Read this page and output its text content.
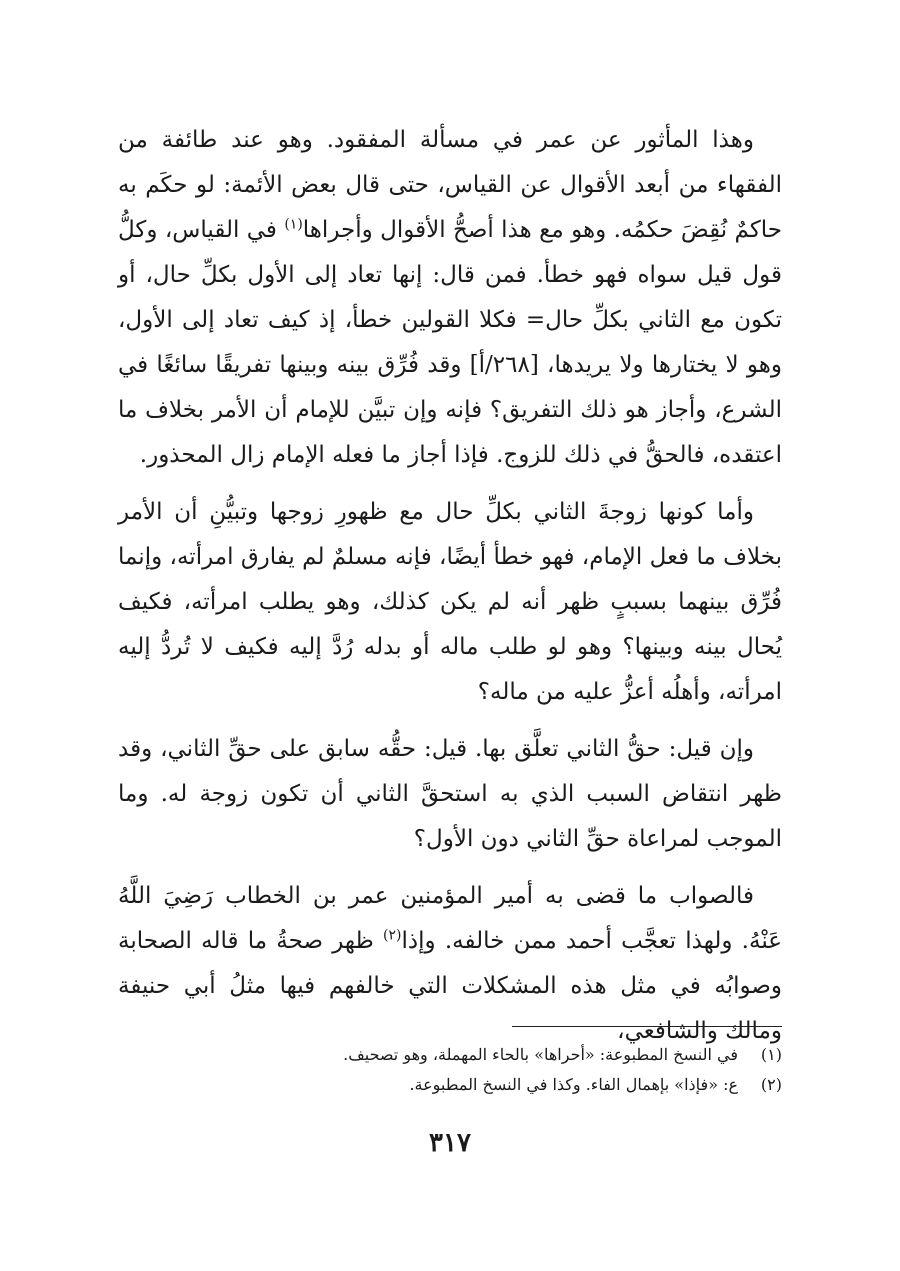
وهذا المأثور عن عمر في مسألة المفقود. وهو عند طائفة من الفقهاء من أبعد الأقوال عن القياس، حتى قال بعض الأئمة: لو حكَم به حاكمٌ نُقِضَ حكمُه. وهو مع هذا أصحُّ الأقوال وأجراها$^{(١)}$ في القياس، وكلُّ قول قيل سواه فهو خطأ. فمن قال: إنها تعاد إلى الأول بكلِّ حال، أو تكون مع الثاني بكلِّ حال= فكلا القولين خطأ، إذ كيف تعاد إلى الأول، وهو لا يختارها ولا يريدها، [٢٦٨/أ] وقد فُرِّق بينه وبينها تفريقًا سائغًا في الشرع، وأجاز هو ذلك التفريق؟ فإنه وإن تبيَّن للإمام أن الأمر بخلاف ما اعتقده، فالحقُّ في ذلك للزوج. فإذا أجاز ما فعله الإمام زال المحذور.

وأما كونها زوجةَ الثاني بكلِّ حال مع ظهورِ زوجها وتبيُّنِ أن الأمر بخلاف ما فعل الإمام، فهو خطأ أيضًا، فإنه مسلمٌ لم يفارق امرأته، وإنما فُرِّق بينهما بسببٍ ظهر أنه لم يكن كذلك، وهو يطلب امرأته، فكيف يُحال بينه وبينها؟ وهو لو طلب ماله أو بدله رُدَّ إليه فكيف لا تُردُّ إليه امرأته، وأهلُه أعزُّ عليه من ماله؟

وإن قيل: حقُّ الثاني تعلَّق بها. قيل: حقُّه سابق على حقِّ الثاني، وقد ظهر انتقاض السبب الذي به استحقَّ الثاني أن تكون زوجة له. وما الموجب لمراعاة حقِّ الثاني دون الأول؟

فالصواب ما قضى به أمير المؤمنين عمر بن الخطاب رَضِيَ اللَّهُ عَنْهُ. ولهذا تعجَّب أحمد ممن خالفه. وإذا$^{(٢)}$ ظهر صحةُ ما قاله الصحابة وصوابُه في مثل هذه المشكلات التي خالفهم فيها مثلُ أبي حنيفة ومالك والشافعي،

(١)
في النسخ المطبوعة: «أحراها» بالحاء المهملة، وهو تصحيف.
(٢)
ع: «فإذا» بإهمال الفاء. وكذا في النسخ المطبوعة.
٣١٧
